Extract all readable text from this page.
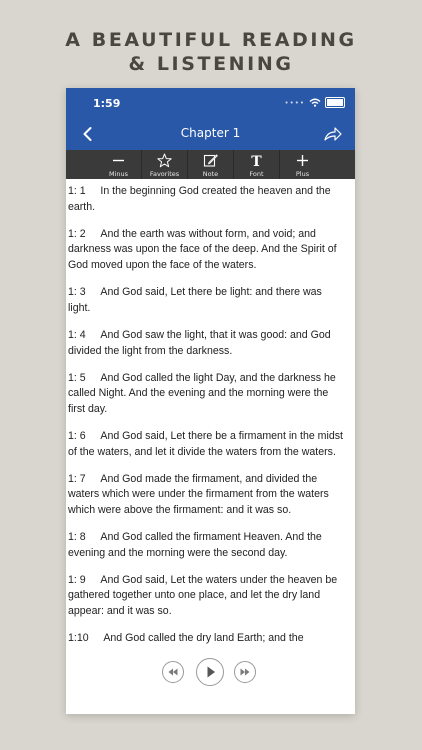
A BEAUTIFUL READING
& LISTENING
1:59	••••
Chapter 1
Minus	Favorites	Note
T
Font	Plus
1: 1 In the beginning God created the heaven and the earth.
1: 2 And the earth was without form, and void; and darkness was upon the face of the deep. And the Spirit of God moved upon the face of the waters.
1: 3 And God said, Let there be light: and there was light.
1: 4 And God saw the light, that it was good: and God divided the light from the darkness.
1: 5 And God called the light Day, and the darkness he called Night. And the evening and the morning were the first day.
1: 6 And God said, Let there be a firmament in the midst of the waters, and let it divide the waters from the waters.
1: 7 And God made the firmament, and divided the waters which were under the firmament from the waters which were above the firmament: and it was so.
1: 8 And God called the firmament Heaven. And the evening and the morning were the second day.
1: 9 And God said, Let the waters under the heaven be gathered together unto one place, and let the dry land appear: and it was so.
1:10 And God called the dry land Earth; and the
